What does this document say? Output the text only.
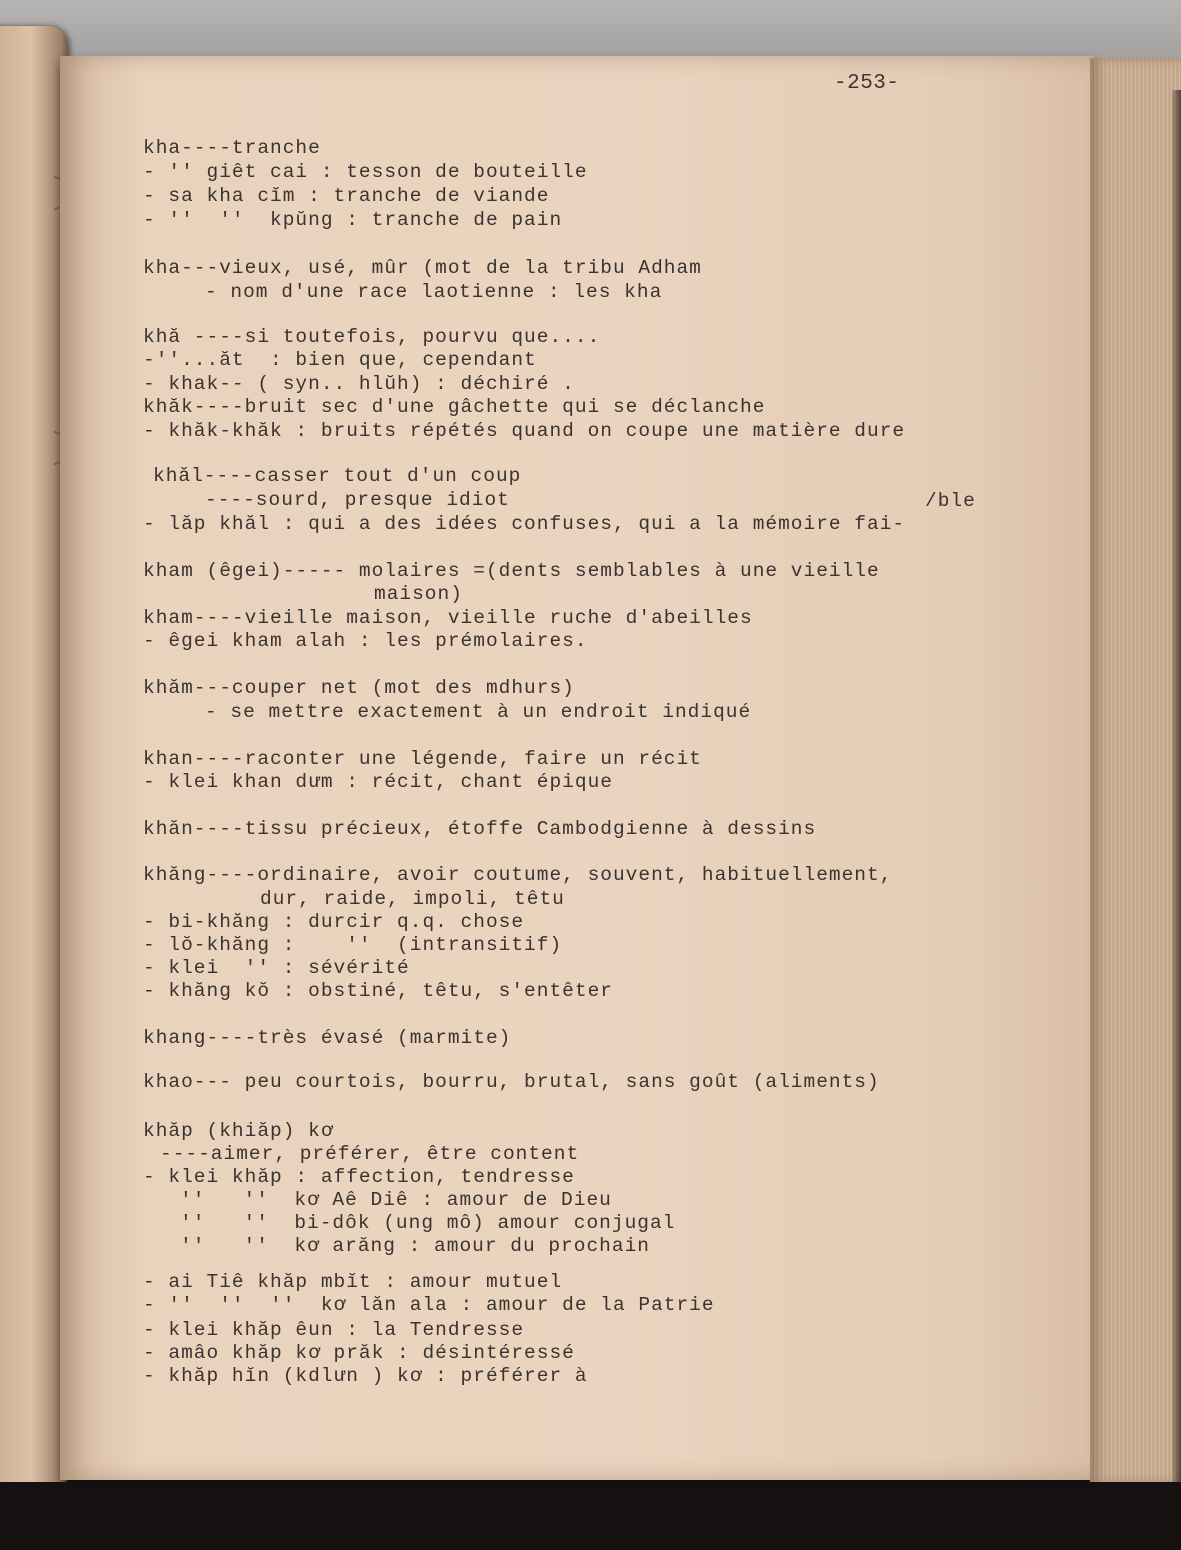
-253-
kha----tranche
- '' giêt cai : tesson de bouteille
- sa kha cĭm : tranche de viande
- ''  ''  kpŭng : tranche de pain
kha---vieux, usé, mûr (mot de la tribu Adham
- nom d'une race laotienne : les kha
khă ----si toutefois, pourvu que....
-''...ăt  : bien que, cependant
- khak-- ( syn.. hlŭh) : déchiré .
khăk----bruit sec d'une gâchette qui se déclanche
- khăk-khăk : bruits répétés quand on coupe une matière dure
khăl----casser tout d'un coup
----sourd, presque idiot	/ble
- lăp khăl : qui a des idées confuses, qui a la mémoire fai-
kham (êgei)----- molaires =(dents semblables à une vieille
maison)
kham----vieille maison, vieille ruche d'abeilles
- êgei kham alah : les prémolaires.
khăm---couper net (mot des mdhurs)
- se mettre exactement à un endroit indiqué
khan----raconter une légende, faire un récit
- klei khan dưm : récit, chant épique
khăn----tissu précieux, étoffe Cambodgienne à dessins
khăng----ordinaire, avoir coutume, souvent, habituellement,
dur, raide, impoli, têtu
- bi-khăng : durcir q.q. chose
- lŏ-khăng :    ''  (intransitif)
- klei  '' : sévérité
- khăng kŏ : obstiné, têtu, s'entêter
khang----très évasé (marmite)
khao--- peu courtois, bourru, brutal, sans goût (aliments)
khăp (khiăp) kơ
----aimer, préférer, être content
- klei khăp : affection, tendresse
''   ''  kơ Aê Diê : amour de Dieu
''   ''  bi-dôk (ung mô) amour conjugal
''   ''  kơ arăng : amour du prochain
- ai Tiê khăp mbĭt : amour mutuel
- ''  ''  ''  kơ lăn ala : amour de la Patrie
- klei khăp êun : la Tendresse
- amâo khăp kơ prăk : désintéressé
- khăp hĭn (kdlưn ) kơ : préférer à
